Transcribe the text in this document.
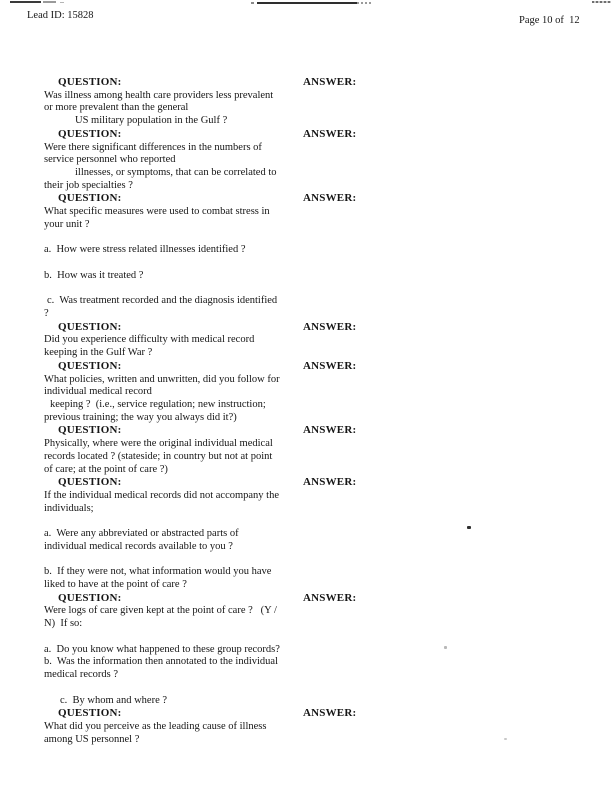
Lead ID: 15828	Page 10 of  12
QUESTION:	ANSWER:
Was illness among health care providers less prevalent
or more prevalent than the general
US military population in the Gulf ?
QUESTION:	ANSWER:
Were there significant differences in the numbers of
service personnel who reported
illnesses, or symptoms, that can be correlated to
their job specialties ?
QUESTION:	ANSWER:
What specific measures were used to combat stress in
your unit ?
a.  How were stress related illnesses identified ?
b.  How was it treated ?
c.  Was treatment recorded and the diagnosis identified
?
QUESTION:	ANSWER:
Did you experience difficulty with medical record
keeping in the Gulf War ?
QUESTION:	ANSWER:
What policies, written and unwritten, did you follow for
individual medical record
keeping ?  (i.e., service regulation; new instruction;
previous training; the way you always did it?)
QUESTION:	ANSWER:
Physically, where were the original individual medical
records located ? (stateside; in country but not at point
of care; at the point of care ?)
QUESTION:	ANSWER:
If the individual medical records did not accompany the
individuals;
a.  Were any abbreviated or abstracted parts of
individual medical records available to you ?
b.  If they were not, what information would you have
liked to have at the point of care ?
QUESTION:	ANSWER:
Were logs of care given kept at the point of care ?   (Y /
N)  If so:
a.  Do you know what happened to these group records?
b.  Was the information then annotated to the individual
medical records ?
c.  By whom and where ?
QUESTION:	ANSWER:
What did you perceive as the leading cause of illness
among US personnel ?
